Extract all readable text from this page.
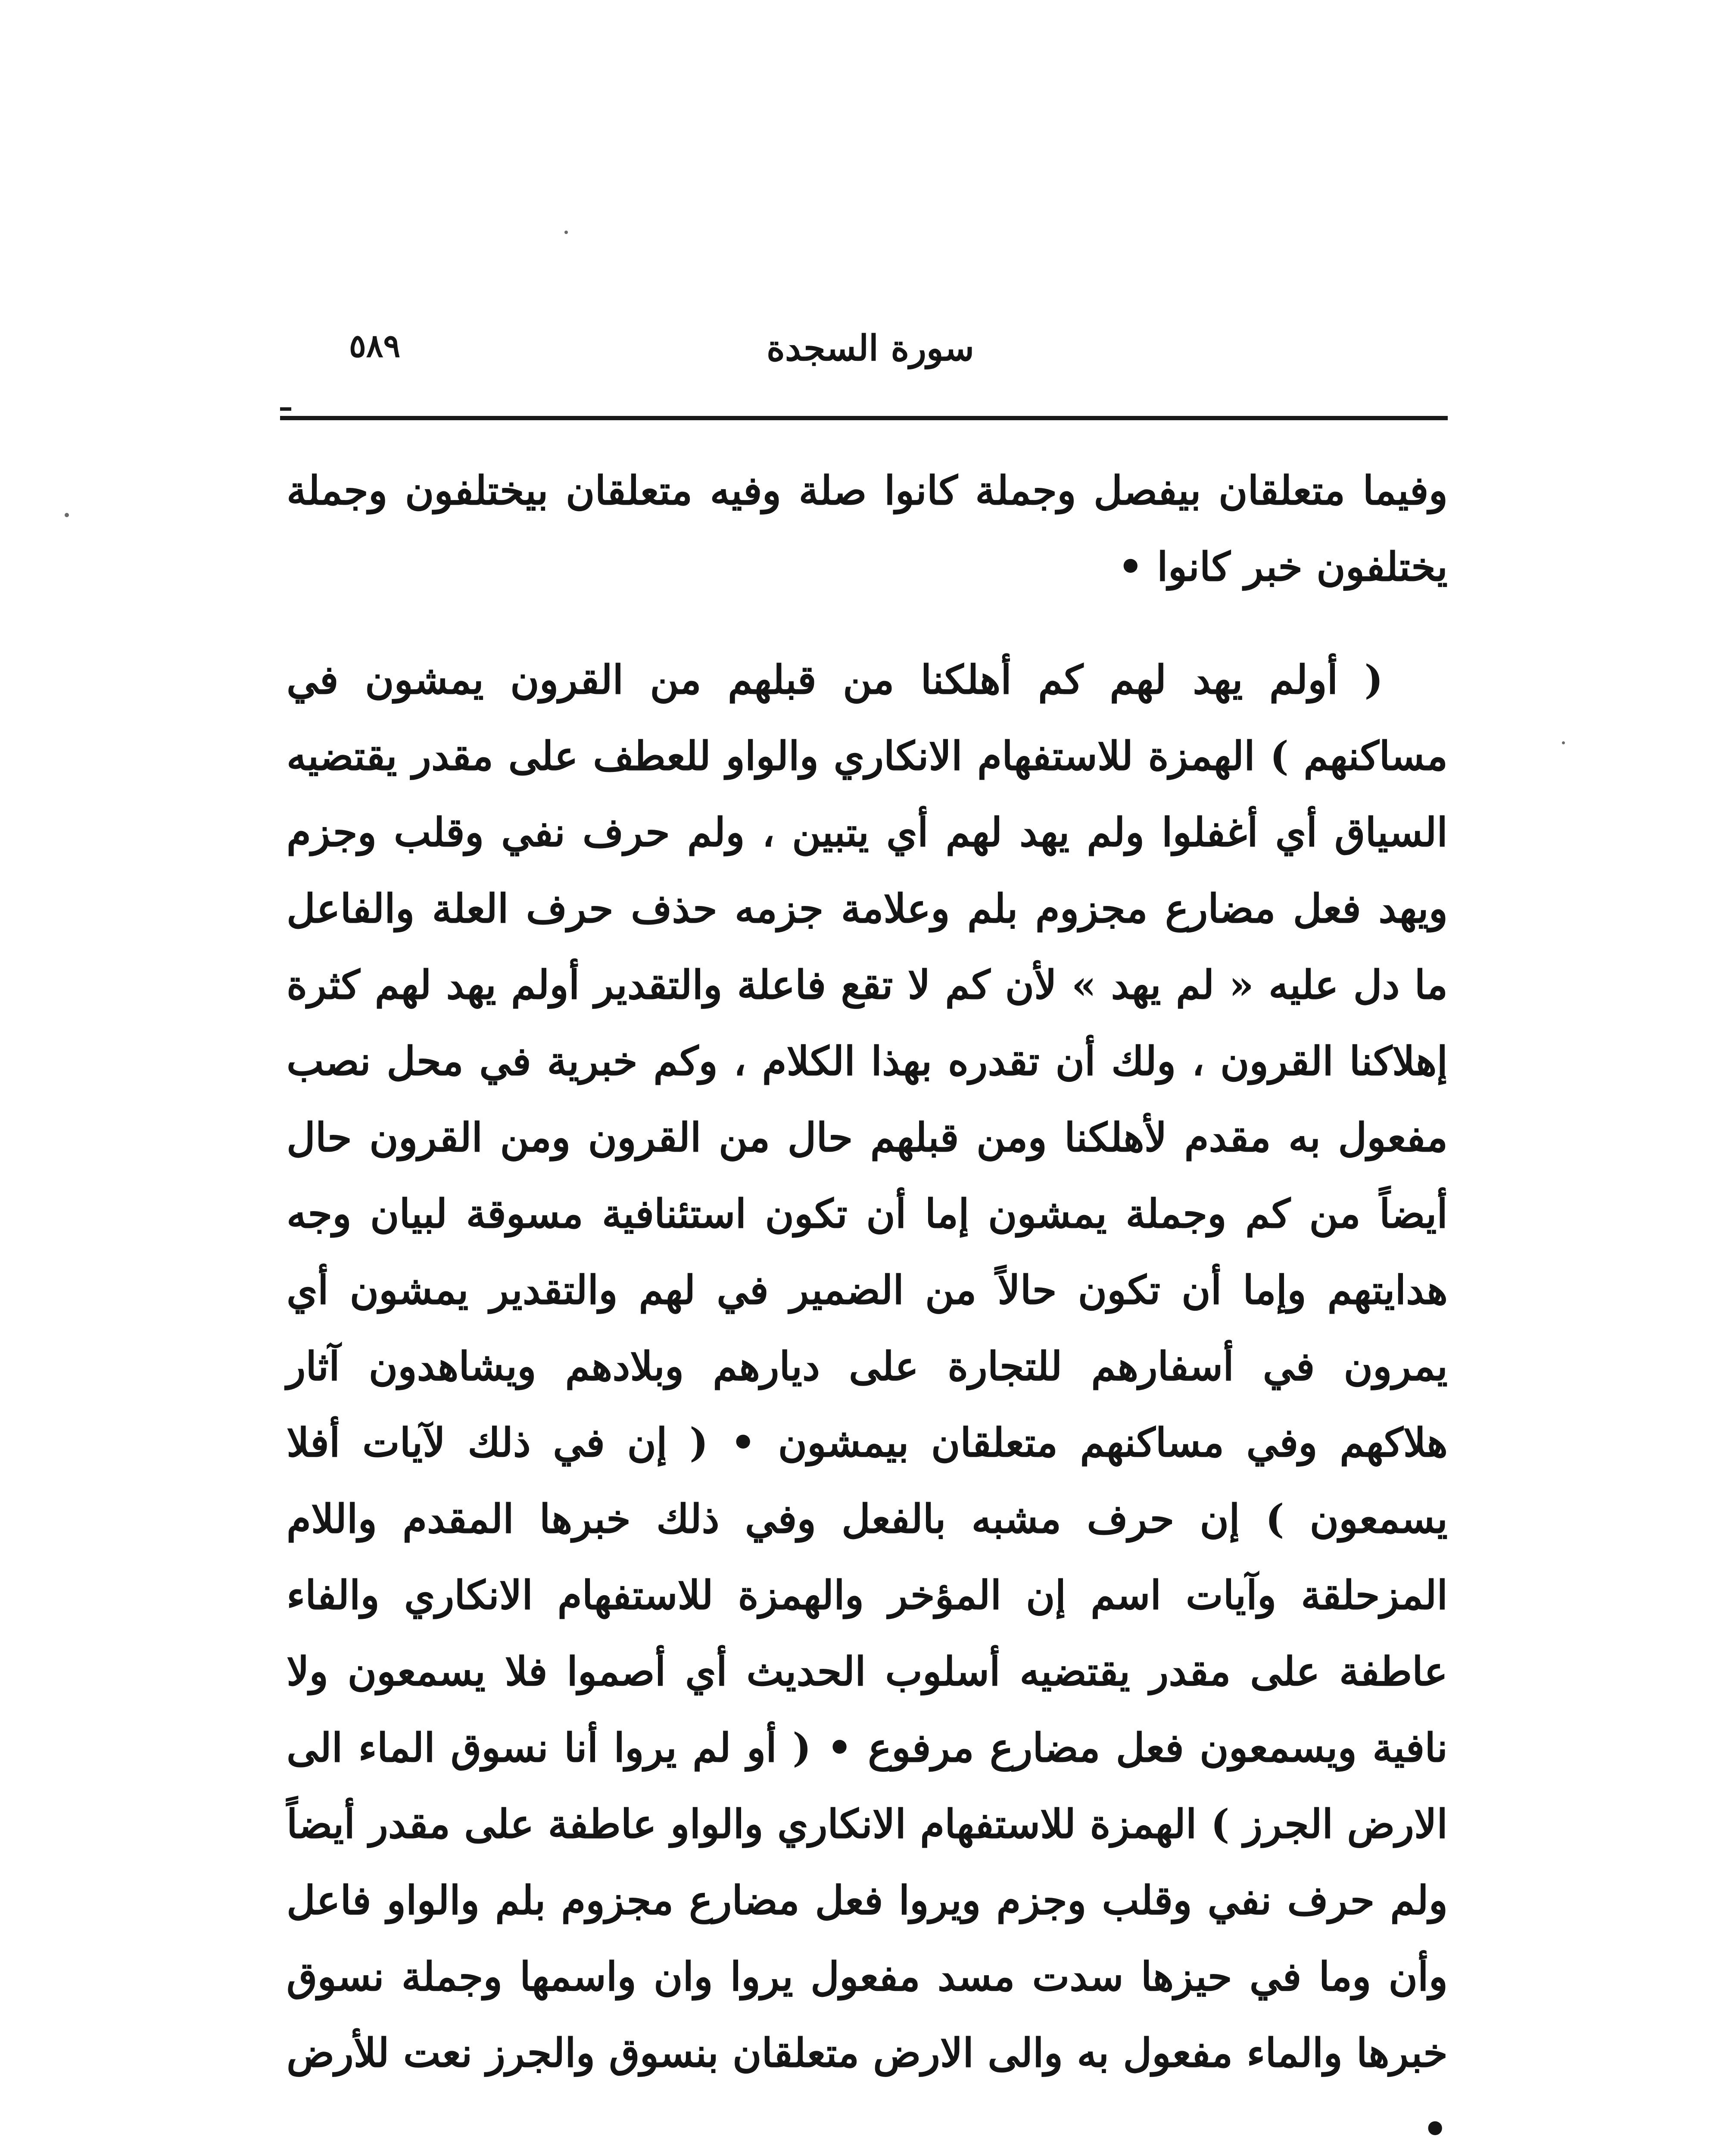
٥٨٩	سورة السجدة

وفيما متعلقان بيفصل وجملة كانوا صلة وفيه متعلقان بيختلفون وجملة يختلفون خبر كانوا •

( أولم يهد لهم كم أهلكنا من قبلهم من القرون يمشون في مساكنهم ) الهمزة للاستفهام الانكاري والواو للعطف على مقدر يقتضيه السياق أي أغفلوا ولم يهد لهم أي يتبين ، ولم حرف نفي وقلب وجزم ويهد فعل مضارع مجزوم بلم وعلامة جزمه حذف حرف العلة والفاعل ما دل عليه « لم يهد » لأن كم لا تقع فاعلة والتقدير أولم يهد لهم كثرة إهلاكنا القرون ، ولك أن تقدره بهذا الكلام ، وكم خبرية في محل نصب مفعول به مقدم لأهلكنا ومن قبلهم حال من القرون ومن القرون حال أيضاً من كم وجملة يمشون إما أن تكون استئنافية مسوقة لبيان وجه هدايتهم وإما أن تكون حالاً من الضمير في لهم والتقدير يمشون أي يمرون في أسفارهم للتجارة على ديارهم وبلادهم ويشاهدون آثار هلاكهم وفي مساكنهم متعلقان بيمشون • ( إن في ذلك لآيات أفلا يسمعون ) إن حرف مشبه بالفعل وفي ذلك خبرها المقدم واللام المزحلقة وآيات اسم إن المؤخر والهمزة للاستفهام الانكاري والفاء عاطفة على مقدر يقتضيه أسلوب الحديث أي أصموا فلا يسمعون ولا نافية ويسمعون فعل مضارع مرفوع • ( أو لم يروا أنا نسوق الماء الى الارض الجرز ) الهمزة للاستفهام الانكاري والواو عاطفة على مقدر أيضاً ولم حرف نفي وقلب وجزم ويروا فعل مضارع مجزوم بلم والواو فاعل وأن وما في حيزها سدت مسد مفعول يروا وان واسمها وجملة نسوق خبرها والماء مفعول به والى الارض متعلقان بنسوق والجرز نعت للأرض •
